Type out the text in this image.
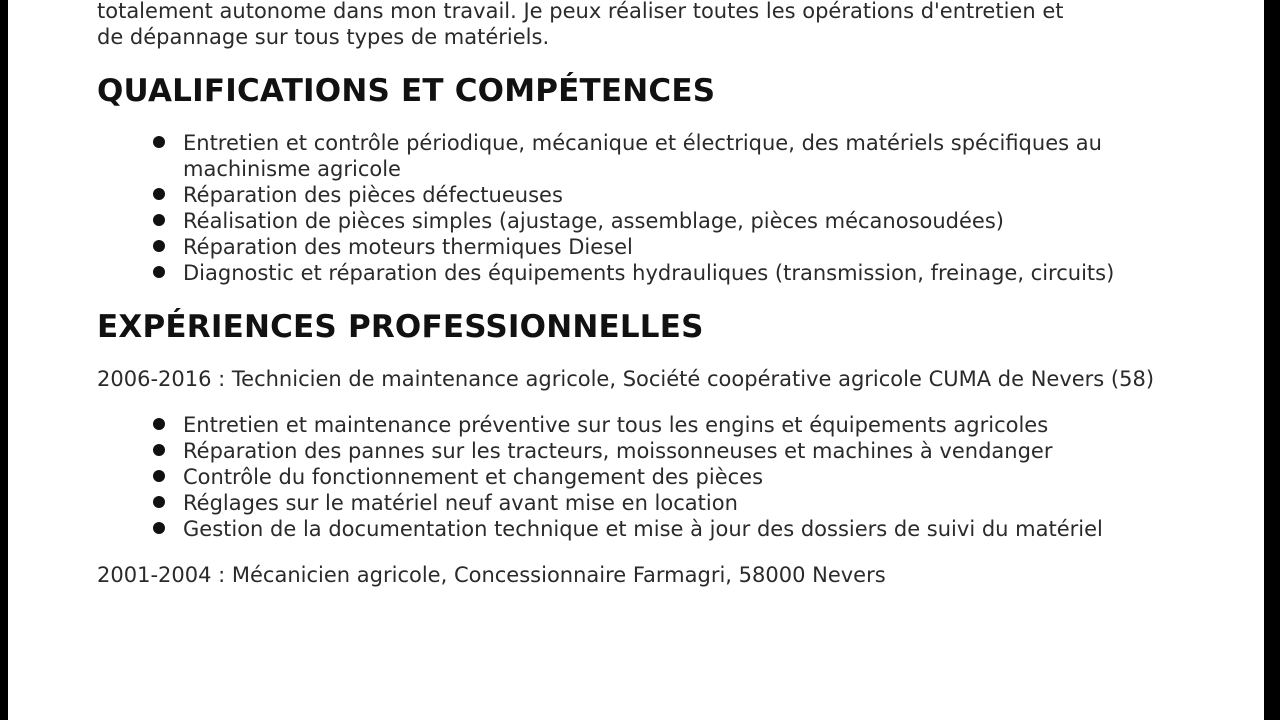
totalement autonome dans mon travail. Je peux réaliser toutes les opérations d'entretien et
de dépannage sur tous types de matériels.

QUALIFICATIONS ET COMPÉTENCES
Entretien et contrôle périodique, mécanique et électrique, des matériels spécifiques au machinisme agricole
Réparation des pièces défectueuses
Réalisation de pièces simples (ajustage, assemblage, pièces mécanosoudées)
Réparation des moteurs thermiques Diesel
Diagnostic et réparation des équipements hydrauliques (transmission, freinage, circuits)
EXPÉRIENCES PROFESSIONNELLES

2006-2016 : Technicien de maintenance agricole, Société coopérative agricole CUMA de Nevers (58)

Entretien et maintenance préventive sur tous les engins et équipements agricoles
Réparation des pannes sur les tracteurs, moissonneuses et machines à vendanger
Contrôle du fonctionnement et changement des pièces
Réglages sur le matériel neuf avant mise en location
Gestion de la documentation technique et mise à jour des dossiers de suivi du matériel

2001-2004 : Mécanicien agricole, Concessionnaire Farmagri, 58000 Nevers
